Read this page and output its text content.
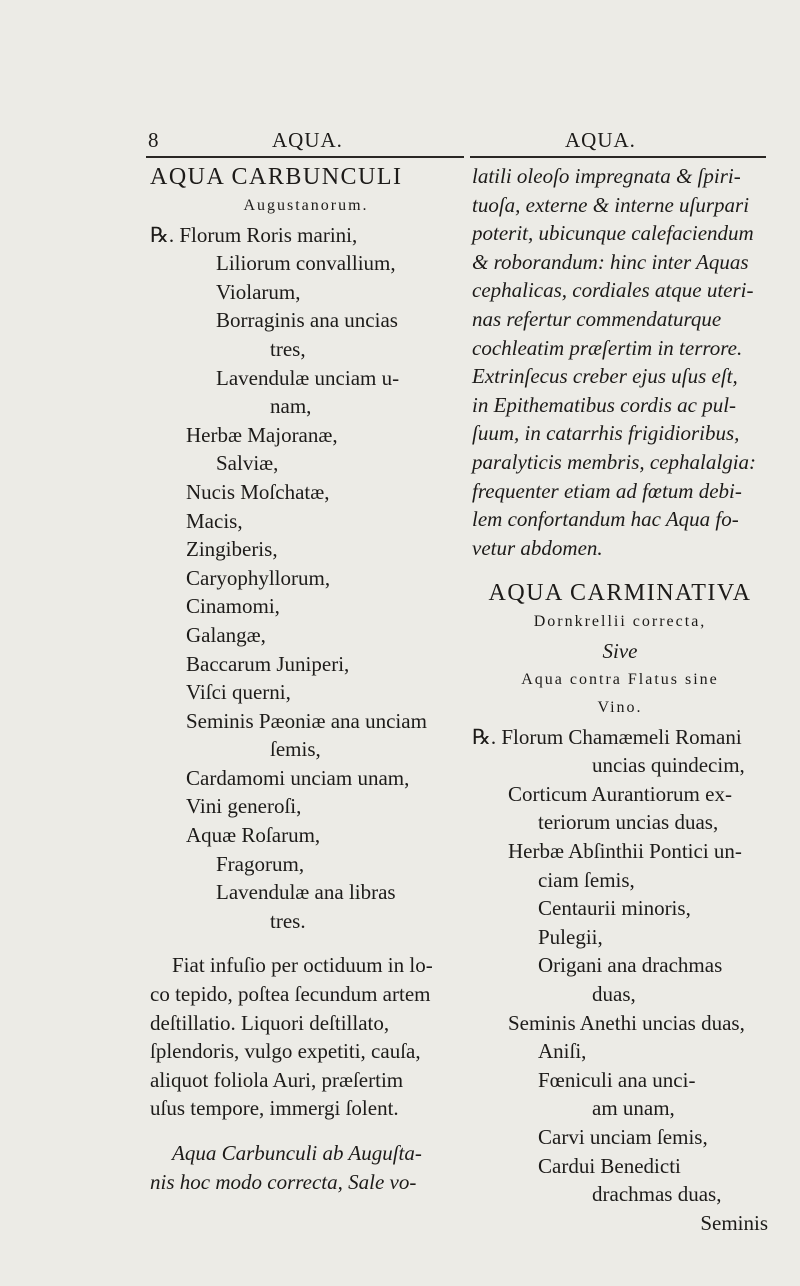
8	AQUA.	AQUA.
AQUA CARBUNCULI
Augustanorum.
℞. Florum Roris marini,
Liliorum convallium,
Violarum,
Borraginis ana uncias
tres,
Lavendulæ unciam u-
nam,
Herbæ Majoranæ,
Salviæ,
Nucis Moſchatæ,
Macis,
Zingiberis,
Caryophyllorum,
Cinamomi,
Galangæ,
Baccarum Juniperi,
Viſci querni,
Seminis Pæoniæ ana unciam
ſemis,
Cardamomi unciam unam,
Vini generoſi,
Aquæ Roſarum,
Fragorum,
Lavendulæ ana libras
tres.
Fiat infuſio per octiduum in lo-
co tepido, poſtea ſecundum artem
deſtillatio. Liquori deſtillato,
ſplendoris, vulgo expetiti, cauſa,
aliquot foliola Auri, præſertim
uſus tempore, immergi ſolent.
Aqua Carbunculi ab Auguſta-
nis hoc modo correcta, Sale vo-
latili oleoſo impregnata & ſpiri-
tuoſa, externe & interne uſurpari
poterit, ubicunque calefaciendum
& roborandum: hinc inter Aquas
cephalicas, cordiales atque uteri-
nas refertur commendaturque
cochleatim præſertim in terrore.
Extrinſecus creber ejus uſus eſt,
in Epithematibus cordis ac pul-
ſuum, in catarrhis frigidioribus,
paralyticis membris, cephalalgia:
frequenter etiam ad fœtum debi-
lem confortandum hac Aqua fo-
vetur abdomen.
AQUA CARMINATIVA
Dornkrellii correcta,
Sive
Aqua contra Flatus sine
Vino.
℞. Florum Chamæmeli Romani
uncias quindecim,
Corticum Aurantiorum ex-
teriorum uncias duas,
Herbæ Abſinthii Pontici un-
ciam ſemis,
Centaurii minoris,
Pulegii,
Origani ana drachmas
duas,
Seminis Anethi uncias duas,
Aniſi,
Fœniculi ana unci-
am unam,
Carvi unciam ſemis,
Cardui Benedicti
drachmas duas,
Seminis
